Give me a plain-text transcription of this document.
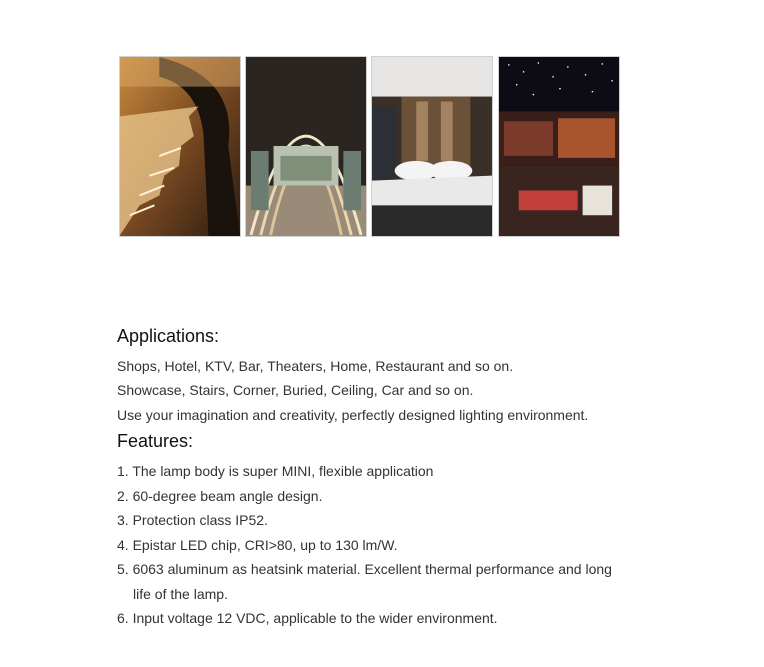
Applications:
Shops, Hotel, KTV, Bar, Theaters, Home, Restaurant and so on.
Showcase, Stairs, Corner, Buried, Ceiling, Car and so on.
Use your imagination and creativity, perfectly designed lighting environment.
Features:
1. The lamp body is super MINI, flexible application
2. 60-degree beam angle design.
3. Protection class IP52.
4. Epistar LED chip, CRI>80, up to 130 lm/W.
5. 6063 aluminum as heatsink material. Excellent thermal performance and long
life of the lamp.
6. Input voltage 12 VDC, applicable to the wider environment.
